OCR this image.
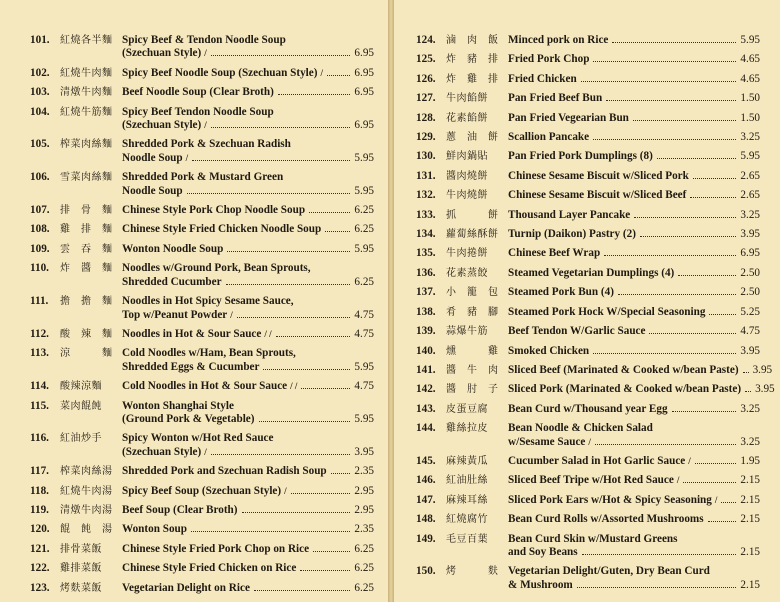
101.	紅燒各半麵 Spicy Beef & Tendon Noodle Soup
(Szechuan Style) /	6.95
102.	紅燒牛肉麵 Spicy Beef Noodle Soup (Szechuan Style) /	6.95
103.	清燉牛肉麵 Beef Noodle Soup (Clear Broth)	6.95
104.	紅燒牛筋麵 Spicy Beef Tendon Noodle Soup
(Szechuan Style) /	6.95
105.	榨菜肉絲麵 Shredded Pork & Szechuan Radish
Noodle Soup /	5.95
106.	雪菜肉絲麵 Shredded Pork & Mustard Green
Noodle Soup	5.95
107.	排　骨　麵 Chinese Style Pork Chop Noodle Soup	6.25
108.	雞　排　麵 Chinese Style Fried Chicken Noodle Soup	6.25
109.	雲　吞　麵 Wonton Noodle Soup	5.95
110.	炸　醬　麵 Noodles w/Ground Pork, Bean Sprouts,
Shredded Cucumber	6.25
111.	擔　擔　麵 Noodles in Hot Spicy Sesame Sauce,
Top w/Peanut Powder /	4.75
112.	酸　辣　麵 Noodles in Hot & Sour Sauce / /	4.75
113.	涼　　　麵 Cold Noodles w/Ham, Bean Sprouts,
Shredded Eggs & Cucumber	5.95
114.	酸辣涼麵	Cold Noodles in Hot & Sour Sauce / /	4.75
115.	菜肉餛飩	Wonton Shanghai Style
(Ground Pork & Vegetable)	5.95
116.	紅油炒手	Spicy Wonton w/Hot Red Sauce
(Szechuan Style) /	3.95
117.	榨菜肉絲湯 Shredded Pork and Szechuan Radish Soup 2.35
118.	紅燒牛肉湯 Spicy Beef Soup (Szechuan Style) /	2.95
119.	清燉牛肉湯 Beef Soup (Clear Broth)	2.95
120.	餛　飩　湯 Wonton Soup	2.35
121.	排骨菜飯	Chinese Style Fried Pork Chop on Rice	6.25
122.	雞排菜飯	Chinese Style Fried Chicken on Rice	6.25
123.	烤麩菜飯	Vegetarian Delight on Rice	6.25
124.	滷　肉　飯 Minced pork on Rice	5.95
125.	炸　豬　排 Fried Pork Chop	4.65
126.	炸　雞　排 Fried Chicken	4.65
127.	牛肉餡餅	Pan Fried Beef Bun	1.50
128.	花素餡餅	Pan Fried Vegearian Bun	1.50
129.	蔥　油　餅 Scallion Pancake	3.25
130.	鮮肉鍋貼	Pan Fried Pork Dumplings (8)	5.95
131.	醬肉燒餅	Chinese Sesame Biscuit w/Sliced Pork	2.65
132.	牛肉燒餅	Chinese Sesame Biscuit w/Sliced Beef	2.65
133.	抓　　　餅 Thousand Layer Pancake	3.25
134.	蘿蔔絲酥餅 Turnip (Daikon) Pastry (2)	3.95
135.	牛肉捲餅	Chinese Beef Wrap	6.95
136.	花素蒸餃	Steamed Vegetarian Dumplings (4)	2.50
137.	小　籠　包 Steamed Pork Bun (4)	2.50
138.	肴　豬　腳 Steamed Pork Hock W/Special Seasoning	5.25
139.	蒜爆牛筋	Beef Tendon W/Garlic Sauce	4.75
140.	燻　　　雞 Smoked Chicken	3.95
141.	醬　牛　肉 Sliced Beef (Marinated & Cooked w/bean Paste) 3.95
142.	醬　肘　子 Sliced Pork (Marinated & Cooked w/bean Paste) 3.95
143.	皮蛋豆腐	Bean Curd w/Thousand year Egg	3.25
144.	雞絲拉皮	Bean Noodle & Chicken Salad
w/Sesame Sauce /	3.25
145.	麻辣黃瓜	Cucumber Salad in Hot Garlic Sauce /	1.95
146.	紅油肚絲	Sliced Beef Tripe w/Hot Red Sauce /	2.15
147.	麻辣耳絲	Sliced Pork Ears w/Hot & Spicy Seasoning / 2.15
148.	紅燒腐竹	Bean Curd Rolls w/Assorted Mushrooms	2.15
149.	毛豆百葉	Bean Curd Skin w/Mustard Greens
and Soy Beans	2.15
150.	烤　　　麩 Vegetarian Delight/Guten, Dry Bean Curd
& Mushroom	2.15
